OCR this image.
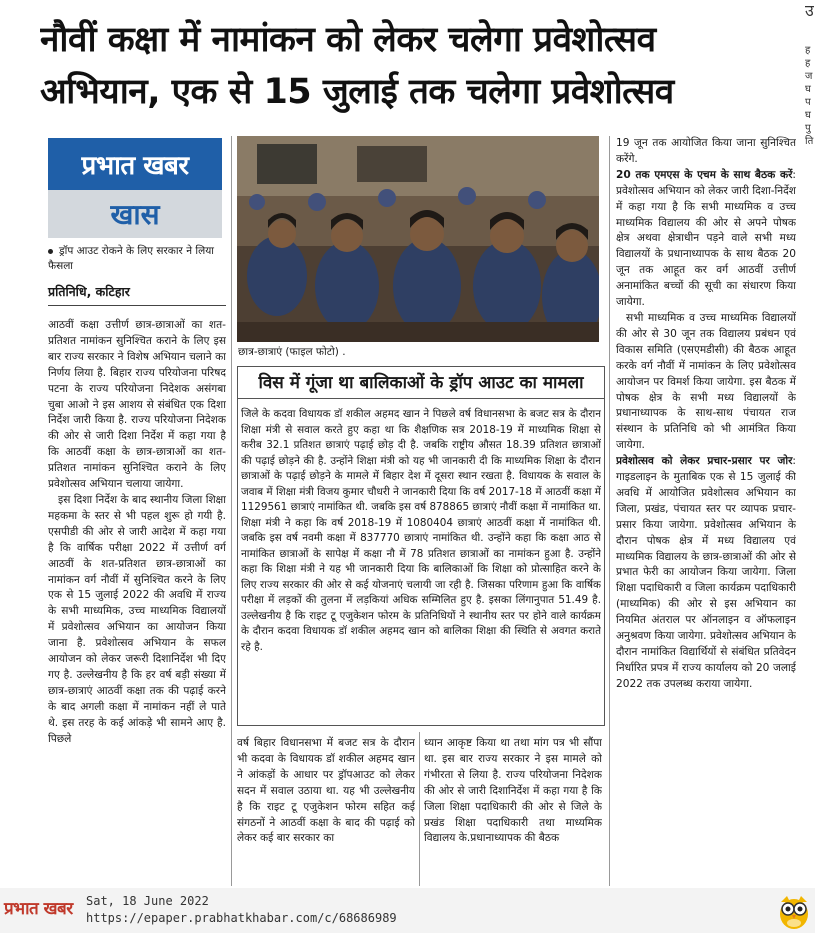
नौवीं कक्षा में नामांकन को लेकर चलेगा प्रवेशोत्सव
अभियान, एक से 15 जुलाई तक चलेगा प्रवेशोत्सव
उ
ह
ह
ज
घ
प
घ
पु
ति
प्रभात खबर
खास
ड्रॉप आउट रोकने के लिए सरकार ने लिया फैसला
प्रतिनिधि, कटिहार

आठवीं कक्षा उत्तीर्ण छात्र-छात्राओं का शत-प्रतिशत नामांकन सुनिश्चित कराने के लिए इस बार राज्य सरकार ने विशेष अभियान चलाने का निर्णय लिया है. बिहार राज्य परियोजना परिषद पटना के राज्य परियोजना निदेशक असंगबा चुबा आओ ने इस आशय से संबंधित एक दिशा निर्देश जारी किया है. राज्य परियोजना निदेशक की ओर से जारी दिशा निर्देश में कहा गया है कि आठवीं कक्षा के छात्र-छात्राओं का शत-प्रतिशत नामांकन सुनिश्चित कराने के लिए प्रवेशोत्सव अभियान चलाया जायेगा.

इस दिशा निर्देश के बाद स्थानीय जिला शिक्षा महकमा के स्तर से भी पहल शुरू हो गयी है. एसपीडी की ओर से जारी आदेश में कहा गया है कि वार्षिक परीक्षा 2022 में उत्तीर्ण वर्ग आठवीं के शत-प्रतिशत छात्र-छात्राओं का नामांकन वर्ग नौवीं में सुनिश्चित करने के लिए एक से 15 जुलाई 2022 की अवधि में राज्य के सभी माध्यमिक, उच्च माध्यमिक विद्यालयों में प्रवेशोत्सव अभियान का आयोजन किया जाना है. प्रवेशोत्सव अभियान के सफल आयोजन को लेकर जरूरी दिशानिर्देश भी दिए गए है. उल्लेखनीय है कि हर वर्ष बड़ी संख्या में छात्र-छात्राएं आठवीं कक्षा तक की पढ़ाई करने के बाद अगली कक्षा में नामांकन नहीं ले पाते थे. इस तरह के कई आंकड़े भी सामने आए है. पिछले

छात्र-छात्राएं (फाइल फोटो) .
विस में गूंजा था बालिकाओं के ड्रॉप आउट का मामला
जिले के कदवा विधायक डॉ शकील अहमद खान ने पिछले वर्ष विधानसभा के बजट सत्र के दौरान शिक्षा मंत्री से सवाल करते हुए कहा था कि शैक्षणिक सत्र 2018-19 में माध्यमिक शिक्षा से करीब 32.1 प्रतिशत छात्राएं पढ़ाई छोड़ दी है. जबकि राष्ट्रीय औसत 18.39 प्रतिशत छात्राओं की पढ़ाई छोड़ने की है. उन्होंने शिक्षा मंत्री को यह भी जानकारी दी कि माध्यमिक शिक्षा के दौरान छात्राओं के पढ़ाई छोड़ने के मामले में बिहार देश में दूसरा स्थान रखता है. विधायक के सवाल के जवाब में शिक्षा मंत्री विजय कुमार चौधरी ने जानकारी दिया कि वर्ष 2017-18 में आठवीं कक्षा में 1129561 छात्राएं नामांकित थी. जबकि इस वर्ष 878865 छात्राएं नौवीं कक्षा में नामांकित था. शिक्षा मंत्री ने कहा कि वर्ष 2018-19 में 1080404 छात्राएं आठवीं कक्षा में नामांकित थी. जबकि इस वर्ष नवमी कक्षा में 837770 छात्राएं नामांकित थी. उन्होंने कहा कि कक्षा आठ से नामांकित छात्राओं के सापेक्ष में कक्षा नौ में 78 प्रतिशत छात्राओं का नामांकन हुआ है. उन्होंने कहा कि शिक्षा मंत्री ने यह भी जानकारी दिया कि बालिकाओं कि शिक्षा को प्रोत्साहित करने के लिए राज्य सरकार की ओर से कई योजनाएं चलायी जा रही है. जिसका परिणाम हुआ कि वार्षिक परीक्षा में लड़कों की तुलना में लड़कियां अधिक सम्मिलित हुए है. इसका लिंगानुपात 51.49 है. उल्लेखनीय है कि राइट टू एजुकेशन फोरम के प्रतिनिधियों ने स्थानीय स्तर पर होने वाले कार्यक्रम के दौरान कदवा विधायक डॉ शकील अहमद खान को बालिका शिक्षा की स्थिति से अवगत कराते रहे है.

वर्ष बिहार विधानसभा में बजट सत्र के दौरान भी कदवा के विधायक डॉ शकील अहमद खान ने आंकड़ों के आधार पर ड्रॉपआउट को लेकर सदन में सवाल उठाया था. यह भी उल्लेखनीय है कि राइट टू एजुकेशन फोरम सहित कई संगठनों ने आठवीं कक्षा के बाद की पढ़ाई को लेकर कई बार सरकार का

ध्यान आकृष्ट किया था तथा मांग पत्र भी सौंपा था. इस बार राज्य सरकार ने इस मामले को गंभीरता से लिया है. राज्य परियोजना निदेशक की ओर से जारी दिशानिर्देश में कहा गया है कि जिला शिक्षा पदाधिकारी की ओर से जिले के प्रखंड शिक्षा पदाधिकारी तथा माध्यमिक विद्यालय के.प्रधानाध्यापक की बैठक

19 जून तक आयोजित किया जाना सुनिश्चित करेंगे.

20 तक एमएस के एचम के साथ बैठक करें: प्रवेशोत्सव अभियान को लेकर जारी दिशा-निर्देश में कहा गया है कि सभी माध्यमिक व उच्च माध्यमिक विद्यालय की ओर से अपने पोषक क्षेत्र अथवा क्षेत्राधीन पड़ने वाले सभी मध्य विद्यालयों के प्रधानाध्यापक के साथ बैठक 20 जून तक आहूत कर वर्ग आठवीं उत्तीर्ण अनामांकित बच्चों की सूची का संधारण किया जायेगा.

सभी माध्यमिक व उच्च माध्यमिक विद्यालयों की ओर से 30 जून तक विद्यालय प्रबंधन एवं विकास समिति (एसएमडीसी) की बैठक आहूत करके वर्ग नौवीं में नामांकन के लिए प्रवेशोत्सव आयोजन पर विमर्श किया जायेगा. इस बैठक में पोषक क्षेत्र के सभी मध्य विद्यालयों के प्रधानाध्यापक के साथ-साथ पंचायत राज संस्थान के प्रतिनिधि को भी आमंत्रित किया जायेगा.

प्रवेशोत्सव को लेकर प्रचार-प्रसार पर जोर: गाइडलाइन के मुताबिक एक से 15 जुलाई की अवधि में आयोजित प्रवेशोत्सव अभियान का जिला, प्रखंड, पंचायत स्तर पर व्यापक प्रचार-प्रसार किया जायेगा. प्रवेशोत्सव अभियान के दौरान पोषक क्षेत्र में मध्य विद्यालय एवं माध्यमिक विद्यालय के छात्र-छात्राओं की ओर से प्रभात फेरी का आयोजन किया जायेगा. जिला शिक्षा पदाधिकारी व जिला कार्यक्रम पदाधिकारी (माध्यमिक) की ओर से इस अभियान का नियमित अंतराल पर ऑनलाइन व ऑफलाइन अनुश्रवण किया जायेगा. प्रवेशोत्सव अभियान के दौरान नामांकित विद्यार्थियों से संबंधित प्रतिवेदन निर्धारित प्रपत्र में राज्य कार्यालय को 20 जलाई 2022 तक उपलब्ध कराया जायेगा.

प्रभात खबर	Sat, 18 June 2022
https://epaper.prabhatkhabar.com/c/68686989
